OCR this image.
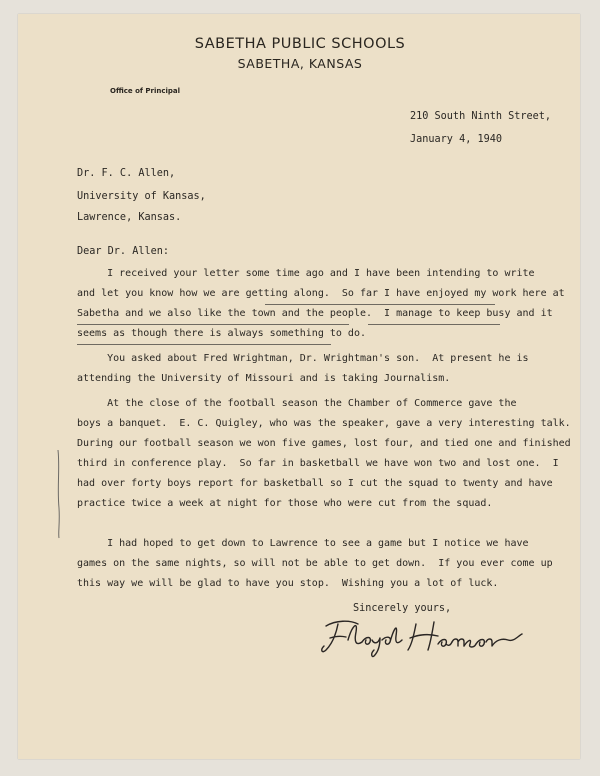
SABETHA PUBLIC SCHOOLS
SABETHA, KANSAS
Office of Principal
210 South Ninth Street,
January 4, 1940
Dr. F. C. Allen,
University of Kansas,
Lawrence, Kansas.
Dear Dr. Allen:
I received your letter some time ago and I have been intending to write
and let you know how we are getting along.  So far I have enjoyed my work here at
Sabetha and we also like the town and the people.  I manage to keep busy and it
seems as though there is always something to do.
You asked about Fred Wrightman, Dr. Wrightman's son.  At present he is
attending the University of Missouri and is taking Journalism.
At the close of the football season the Chamber of Commerce gave the
boys a banquet.  E. C. Quigley, who was the speaker, gave a very interesting talk.
During our football season we won five games, lost four, and tied one and finished
third in conference play.  So far in basketball we have won two and lost one.  I
had over forty boys report for basketball so I cut the squad to twenty and have
practice twice a week at night for those who were cut from the squad.
I had hoped to get down to Lawrence to see a game but I notice we have
games on the same nights, so will not be able to get down.  If you ever come up
this way we will be glad to have you stop.  Wishing you a lot of luck.
Sincerely yours,
